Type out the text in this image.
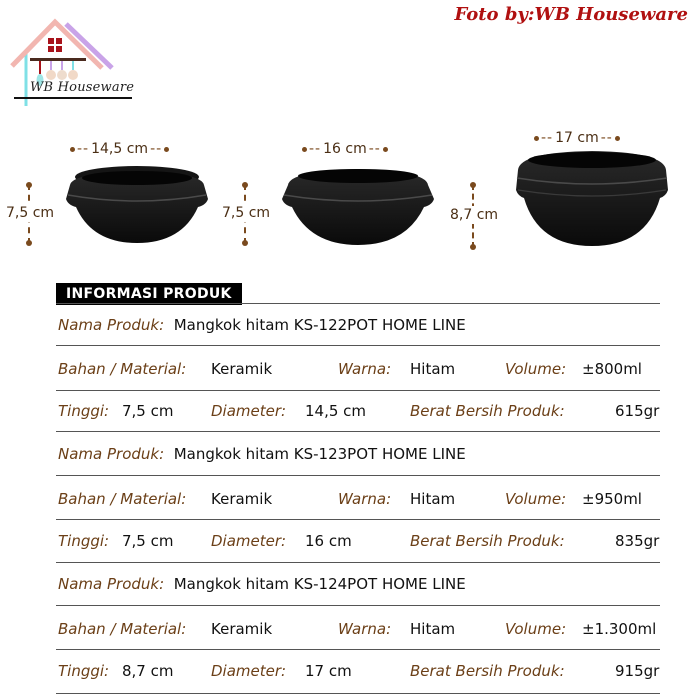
WB Houseware
Foto by:WB Houseware
-- 14,5 cm --
7,5 cm
-- 16 cm --
7,5 cm
-- 17 cm --
8,7 cm
INFORMASI PRODUK
Nama Produk: Mangkok hitam KS-122POT HOME LINE
Bahan / Material: Keramik	Warna: Hitam	Volume: ±800ml
Tinggi: 7,5 cm	Diameter: 14,5 cm	Berat Bersih Produk:	615gr
Nama Produk: Mangkok hitam KS-123POT HOME LINE
Bahan / Material: Keramik	Warna: Hitam	Volume: ±950ml
Tinggi: 7,5 cm	Diameter: 16 cm	Berat Bersih Produk:	835gr
Nama Produk: Mangkok hitam KS-124POT HOME LINE
Bahan / Material: Keramik	Warna: Hitam	Volume: ±1.300ml
Tinggi: 8,7 cm	Diameter: 17 cm	Berat Bersih Produk:	915gr
